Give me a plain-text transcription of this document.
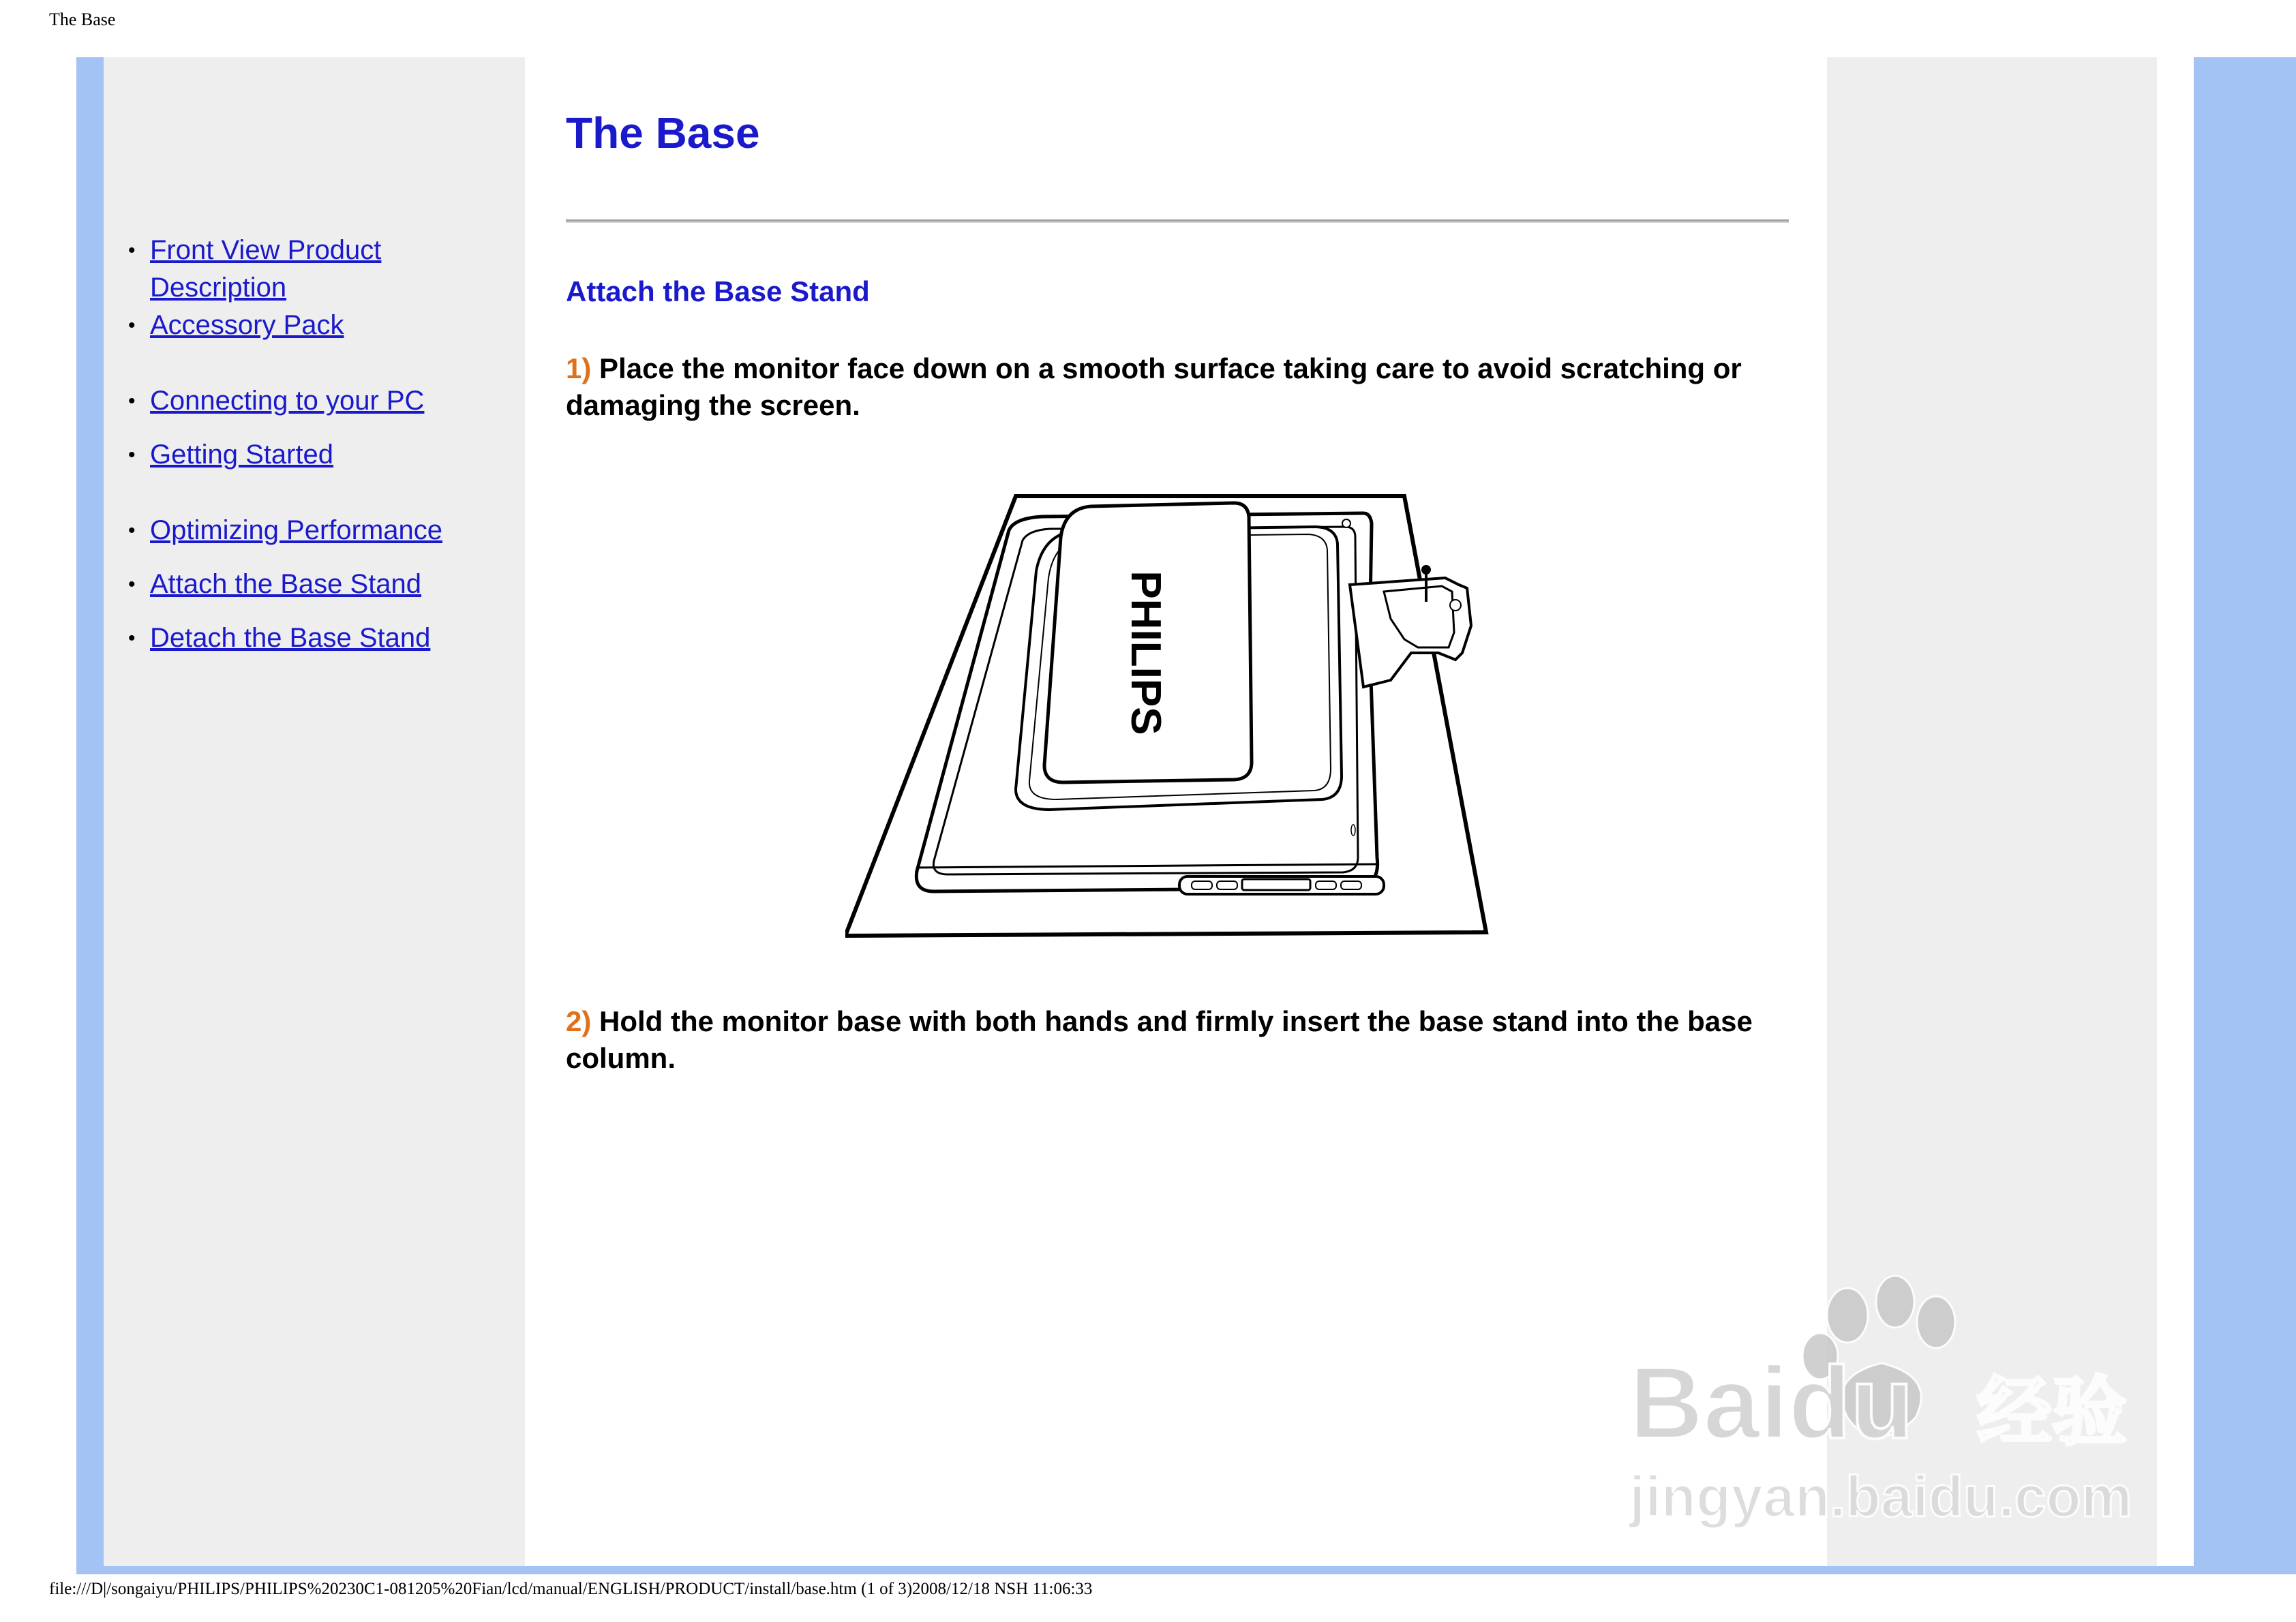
The Base
• Front View Product Description
• Accessory Pack
• Connecting to your PC
• Getting Started
• Optimizing Performance
• Attach the Base Stand
• Detach the Base Stand
The Base
Attach the Base Stand
1) Place the monitor face down on a smooth surface taking care to avoid scratching or damaging the screen.
2) Hold the monitor base with both hands and firmly insert the base stand into the base column.
PHILIPS
Baidu 经验
jingyan.baidu.com
file:///D|/songaiyu/PHILIPS/PHILIPS%20230C1-081205%20Fian/lcd/manual/ENGLISH/PRODUCT/install/base.htm (1 of 3)2008/12/18 NSH 11:06:33
